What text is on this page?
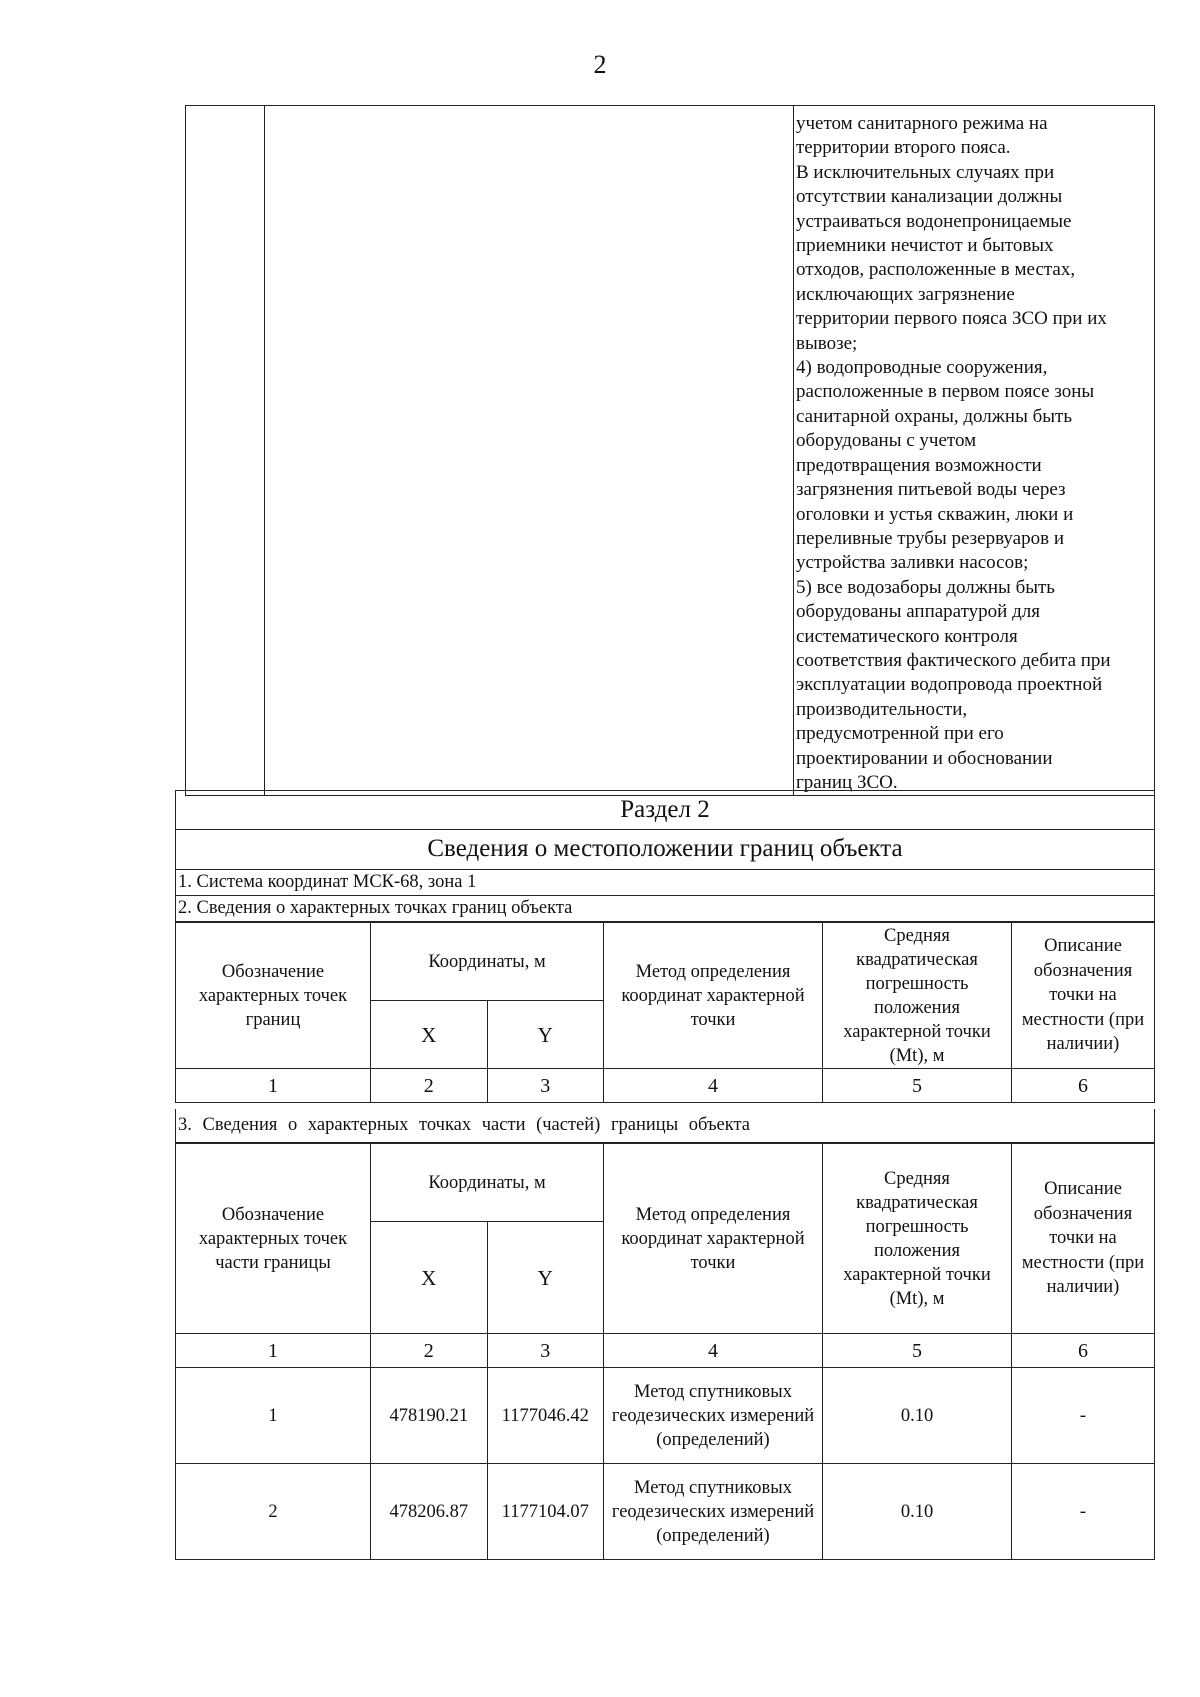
2

учетом санитарного режима на
территории второго пояса.
В исключительных случаях при
отсутствии канализации должны
устраиваться водонепроницаемые
приемники нечистот и бытовых
отходов, расположенные в местах,
исключающих загрязнение
территории первого пояса ЗСО при их
вывозе;
4) водопроводные сооружения,
расположенные в первом поясе зоны
санитарной охраны, должны быть
оборудованы с учетом
предотвращения возможности
загрязнения питьевой воды через
оголовки и устья скважин, люки и
переливные трубы резервуаров и
устройства заливки насосов;
5) все водозаборы должны быть
оборудованы аппаратурой для
систематического контроля
соответствия фактического дебита при
эксплуатации водопровода проектной
производительности,
предусмотренной при его
проектировании и обосновании
границ ЗСО.
Раздел 2
Сведения о местоположении границ объекта
1. Система координат МСК-68, зона 1
2. Сведения о характерных точках границ объекта
Обозначение характерных точек границ	Координаты, м		Метод определения координат характерной точки	Средняя квадратическая погрешность положения характерной точки (Mt), м	Описание обозначения точки на местности (при наличии)
	X	Y			
1	2	3	4	5	6
3. Сведения о характерных точках части (частей) границы объекта
Обозначение характерных точек части границы	Координаты, м		Метод определения координат характерной точки	Средняя квадратическая погрешность положения характерной точки (Mt), м	Описание обозначения точки на местности (при наличии)
	X	Y			
1	2	3	4	5	6
1	478190.21	1177046.42	Метод спутниковых геодезических измерений (определений)	0.10	-
2	478206.87	1177104.07	Метод спутниковых геодезических измерений (определений)	0.10	-
